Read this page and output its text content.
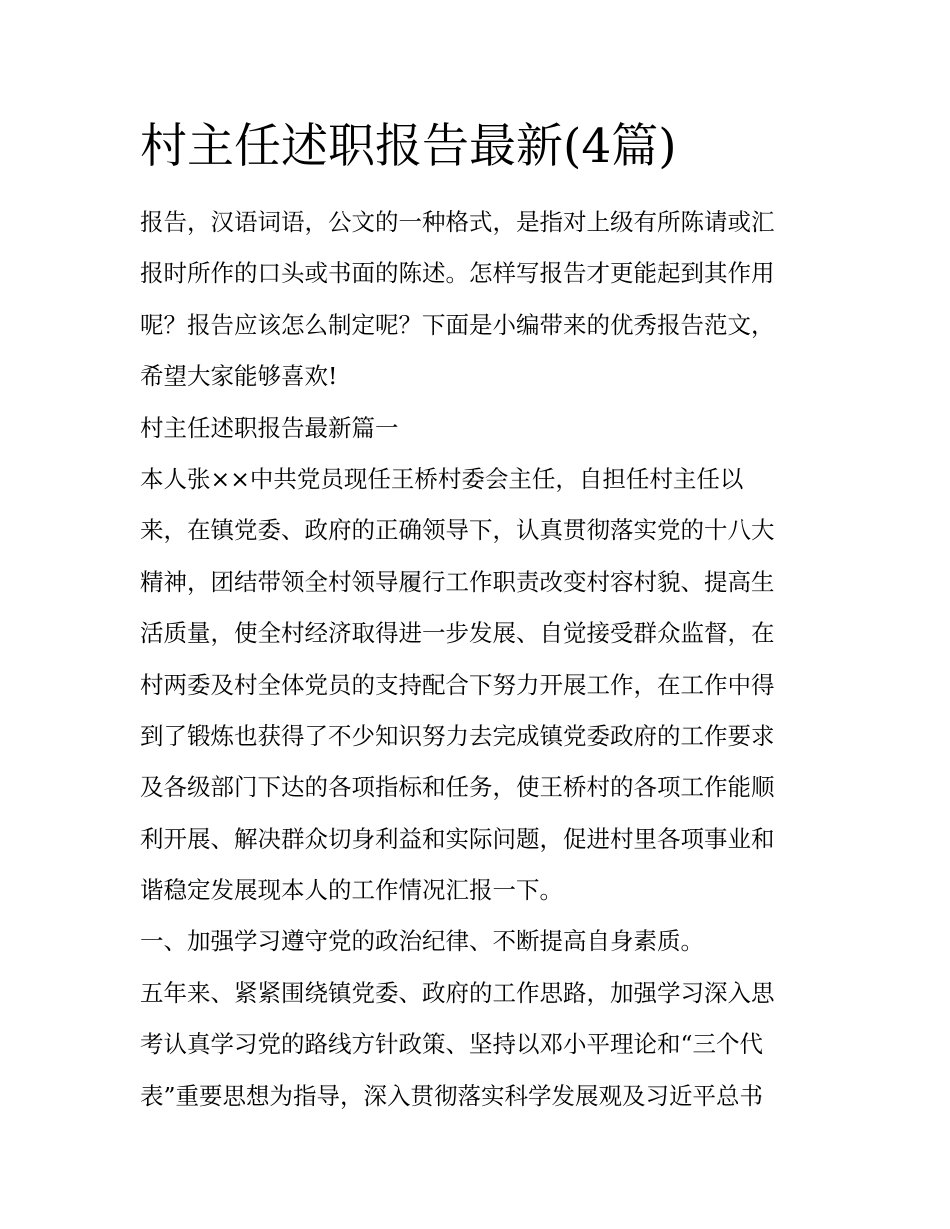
村主任述职报告最新(4篇)

报告，汉语词语，公文的一种格式，是指对上级有所陈请或汇

报时所作的口头或书面的陈述。怎样写报告才更能起到其作用

呢？报告应该怎么制定呢？下面是小编带来的优秀报告范文，

希望大家能够喜欢!

村主任述职报告最新篇一

本人张××中共党员现任王桥村委会主任，自担任村主任以

来，在镇党委、政府的正确领导下，认真贯彻落实党的十八大

精神，团结带领全村领导履行工作职责改变村容村貌、提高生

活质量，使全村经济取得进一步发展、自觉接受群众监督，在

村两委及村全体党员的支持配合下努力开展工作，在工作中得

到了锻炼也获得了不少知识努力去完成镇党委政府的工作要求

及各级部门下达的各项指标和任务，使王桥村的各项工作能顺

利开展、解决群众切身利益和实际问题，促进村里各项事业和

谐稳定发展现本人的工作情况汇报一下。

一、加强学习遵守党的政治纪律、不断提高自身素质。

五年来、紧紧围绕镇党委、政府的工作思路，加强学习深入思

考认真学习党的路线方针政策、坚持以邓小平理论和“三个代

表”重要思想为指导，深入贯彻落实科学发展观及习近平总书
